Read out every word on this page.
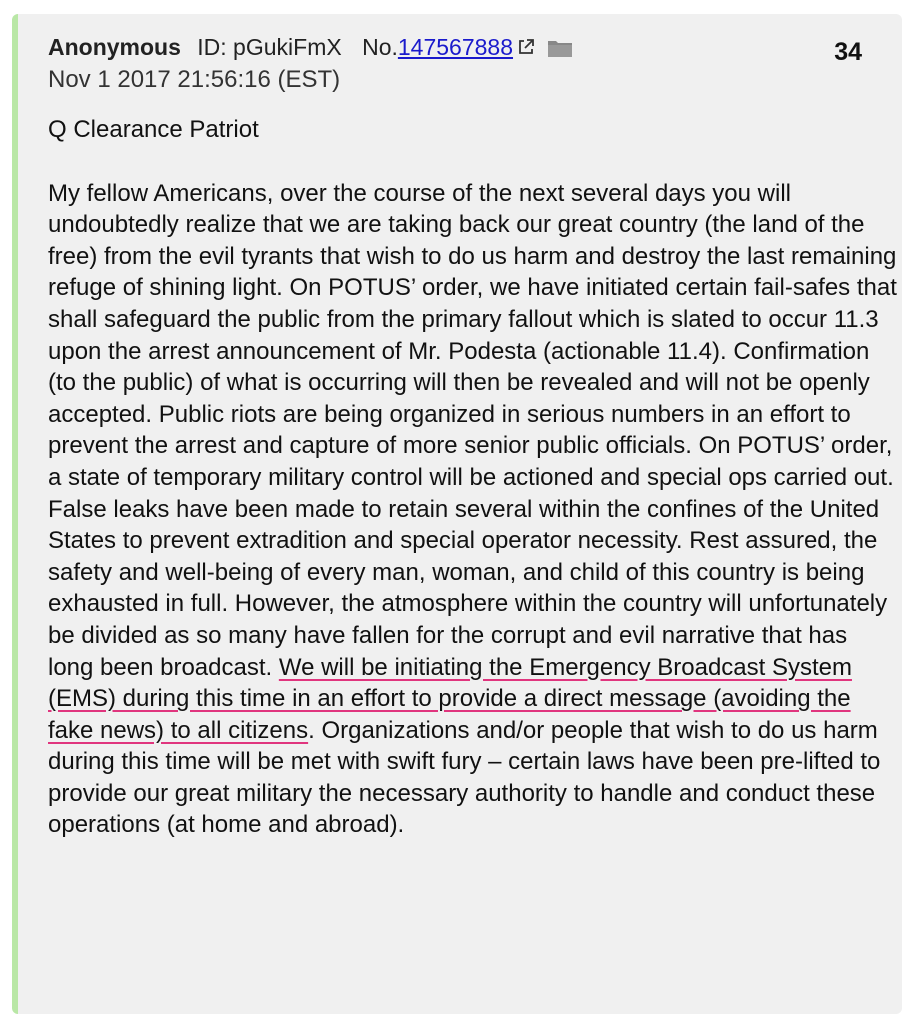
Anonymous ID: pGukiFmX No.147567888	34
Nov 1 2017 21:56:16 (EST)

Q Clearance Patriot

My fellow Americans, over the course of the next several days you will undoubtedly realize that we are taking back our great country (the land of the free) from the evil tyrants that wish to do us harm and destroy the last remaining refuge of shining light. On POTUS’ order, we have initiated certain fail-safes that shall safeguard the public from the primary fallout which is slated to occur 11.3 upon the arrest announcement of Mr. Podesta (actionable 11.4). Confirmation (to the public) of what is occurring will then be revealed and will not be openly accepted. Public riots are being organized in serious numbers in an effort to prevent the arrest and capture of more senior public officials. On POTUS’ order, a state of temporary military control will be actioned and special ops carried out. False leaks have been made to retain several within the confines of the United States to prevent extradition and special operator necessity. Rest assured, the safety and well-being of every man, woman, and child of this country is being exhausted in full. However, the atmosphere within the country will unfortunately be divided as so many have fallen for the corrupt and evil narrative that has long been broadcast. We will be initiating the Emergency Broadcast System (EMS) during this time in an effort to provide a direct message (avoiding the fake news) to all citizens. Organizations and/or people that wish to do us harm during this time will be met with swift fury – certain laws have been pre-lifted to provide our great military the necessary authority to handle and conduct these operations (at home and abroad).
